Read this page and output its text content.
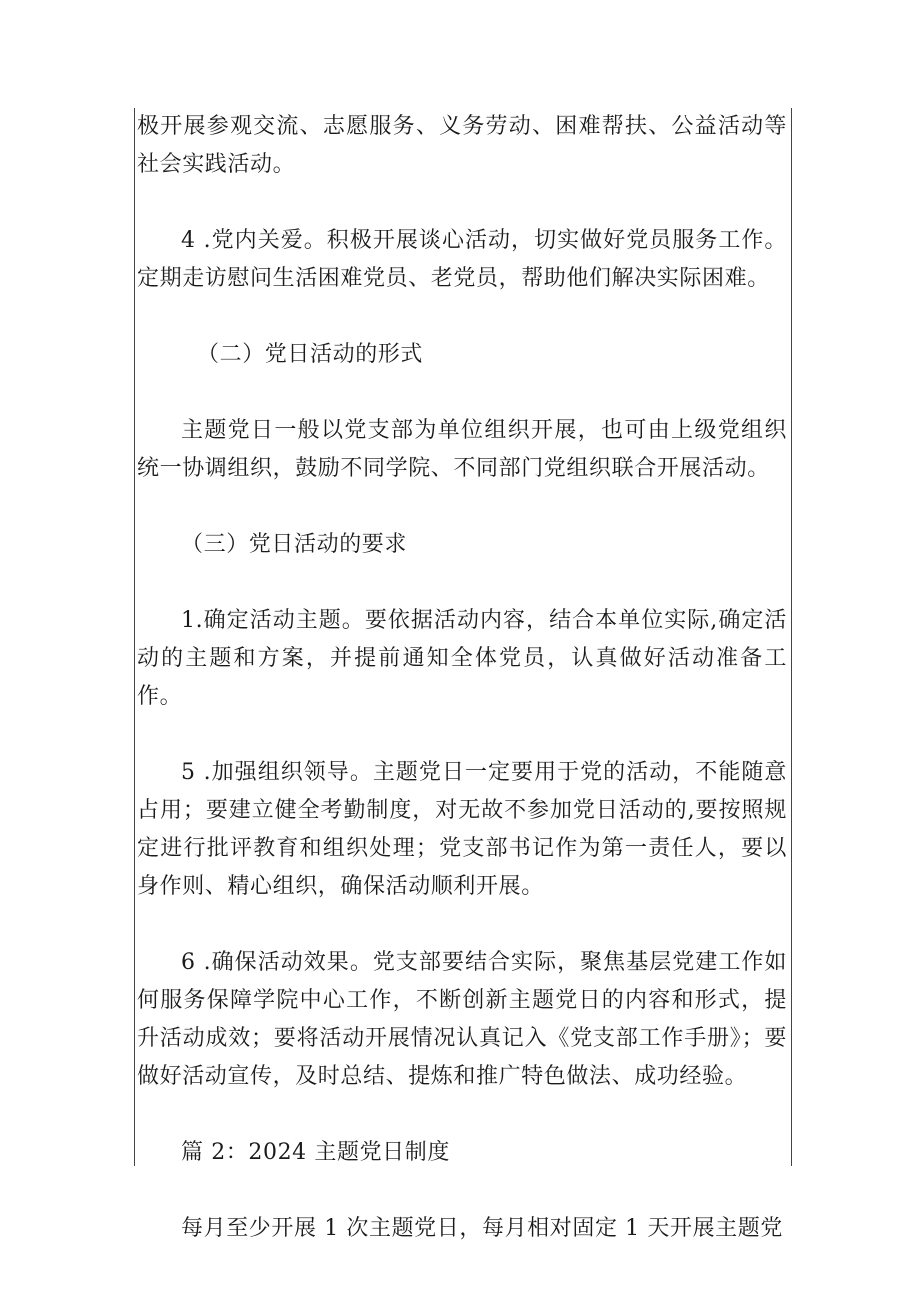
极开展参观交流、志愿服务、义务劳动、困难帮扶、公益活动等社会实践活动。

4 .党内关爱。积极开展谈心活动，切实做好党员服务工作。定期走访慰问生活困难党员、老党员，帮助他们解决实际困难。

（二）党日活动的形式

主题党日一般以党支部为单位组织开展，也可由上级党组织统一协调组织，鼓励不同学院、不同部门党组织联合开展活动。

（三）党日活动的要求

1.确定活动主题。要依据活动内容，结合本单位实际,确定活动的主题和方案，并提前通知全体党员，认真做好活动准备工作。

5 .加强组织领导。主题党日一定要用于党的活动，不能随意占用；要建立健全考勤制度，对无故不参加党日活动的,要按照规定进行批评教育和组织处理；党支部书记作为第一责任人，要以身作则、精心组织，确保活动顺利开展。

6 .确保活动效果。党支部要结合实际，聚焦基层党建工作如何服务保障学院中心工作，不断创新主题党日的内容和形式，提升活动成效；要将活动开展情况认真记入《党支部工作手册》；要做好活动宣传，及时总结、提炼和推广特色做法、成功经验。

篇 2：2024 主题党日制度

每月至少开展 1 次主题党日，每月相对固定 1 天开展主题党
